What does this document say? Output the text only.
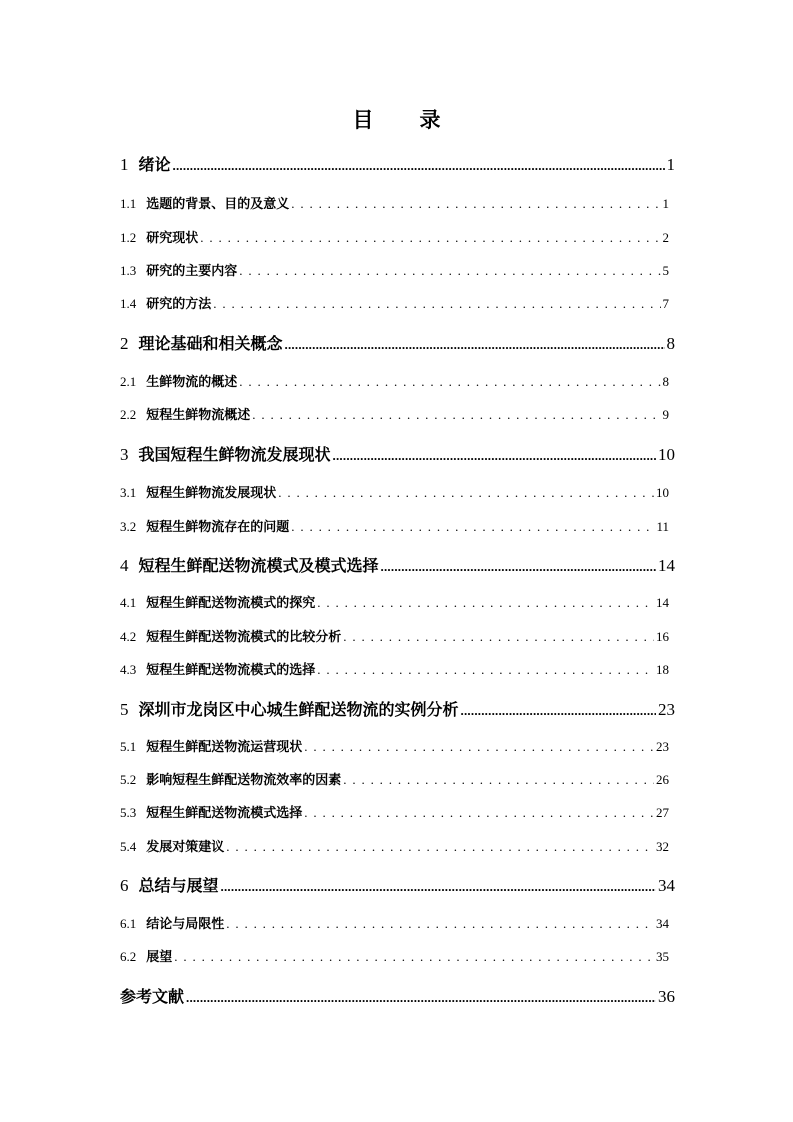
目 录
1 绪论 .....	1
1.1 选题的背景、目的及意义 . . .	1
1.2 研究现状 . . .	2
1.3 研究的主要内容 . . .	5
1.4 研究的方法 . . .	7
2 理论基础和相关概念 .....	8
2.1 生鲜物流的概述 . . .	8
2.2 短程生鲜物流概述 . . .	9
3 我国短程生鲜物流发展现状 .....	10
3.1 短程生鲜物流发展现状 . . .	10
3.2 短程生鲜物流存在的问题 . . .	11
4 短程生鲜配送物流模式及模式选择 .....	14
4.1 短程生鲜配送物流模式的探究 . . .	14
4.2 短程生鲜配送物流模式的比较分析 . . .	16
4.3 短程生鲜配送物流模式的选择 . . .	18
5 深圳市龙岗区中心城生鲜配送物流的实例分析 .....	23
5.1 短程生鲜配送物流运营现状 . . .	23
5.2 影响短程生鲜配送物流效率的因素 . . .	26
5.3 短程生鲜配送物流模式选择 . . .	27
5.4 发展对策建议 . . .	32
6 总结与展望 .....	34
6.1 结论与局限性 . . .	34
6.2 展望 . . .	35
参考文献 .....	36
